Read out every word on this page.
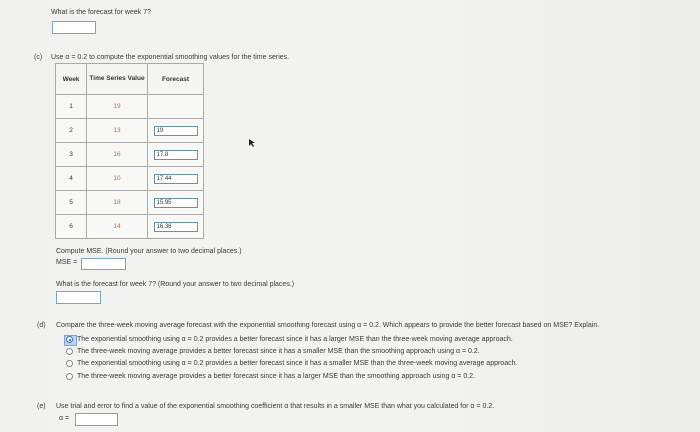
What is the forecast for week 7?
(c) Use α = 0.2 to compute the exponential smoothing values for the time series.
Week	Time Series Value	Forecast
1	19	
2	13	19

3	16	17.8

4	10	17.44

5	18	15.95

6	14	16.36
Compute MSE. (Round your answer to two decimal places.)
MSE =
What is the forecast for week 7? (Round your answer to two decimal places.)
(d) Compare the three-week moving average forecast with the exponential smoothing forecast using α = 0.2. Which appears to provide the better forecast based on MSE? Explain.
The exponential smoothing using α = 0.2 provides a better forecast since it has a larger MSE than the three-week moving average approach.
The three-week moving average provides a better forecast since it has a smaller MSE than the smoothing approach using α = 0.2.
The exponential smoothing using α = 0.2 provides a better forecast since it has a smaller MSE than the three-week moving average approach.
The three-week moving average provides a better forecast since it has a larger MSE than the smoothing approach using α = 0.2.
(e) Use trial and error to find a value of the exponential smoothing coefficient α that results in a smaller MSE than what you calculated for α = 0.2.
α =
